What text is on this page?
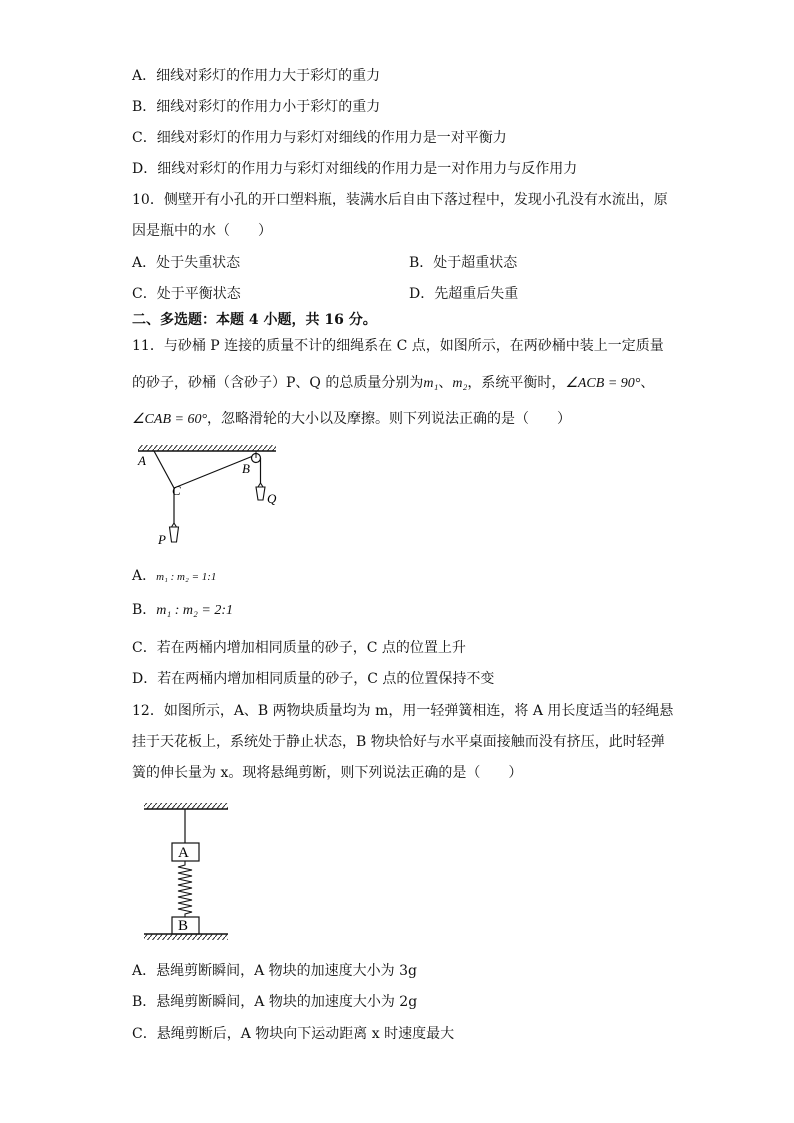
A．细线对彩灯的作用力大于彩灯的重力
B．细线对彩灯的作用力小于彩灯的重力
C．细线对彩灯的作用力与彩灯对细线的作用力是一对平衡力
D．细线对彩灯的作用力与彩灯对细线的作用力是一对作用力与反作用力
10．侧壁开有小孔的开口塑料瓶，装满水后自由下落过程中，发现小孔没有水流出，原
因是瓶中的水（　　）
A．处于失重状态	B．处于超重状态
C．处于平衡状态	D．先超重后失重
二、多选题：本题 4 小题，共 16 分。
11．与砂桶 P 连接的质量不计的细绳系在 C 点，如图所示，在两砂桶中装上一定质量
的砂子，砂桶（含砂子）P、Q 的总质量分别为m₁、m₂，系统平衡时，∠ACB = 90°、
∠CAB = 60°，忽略滑轮的大小以及摩擦。则下列说法正确的是（　　）
A
B
C
Q
P
A．m₁ : m₂ = 1:1
B．m₁ : m₂ = 2:1
C．若在两桶内增加相同质量的砂子，C 点的位置上升
D．若在两桶内增加相同质量的砂子，C 点的位置保持不变
12．如图所示，A、B 两物块质量均为 m，用一轻弹簧相连，将 A 用长度适当的轻绳悬
挂于天花板上，系统处于静止状态，B 物块恰好与水平桌面接触而没有挤压，此时轻弹
簧的伸长量为 x。现将悬绳剪断，则下列说法正确的是（　　）
A
B
A．悬绳剪断瞬间，A 物块的加速度大小为 3g
B．悬绳剪断瞬间，A 物块的加速度大小为 2g
C．悬绳剪断后，A 物块向下运动距离 x 时速度最大
